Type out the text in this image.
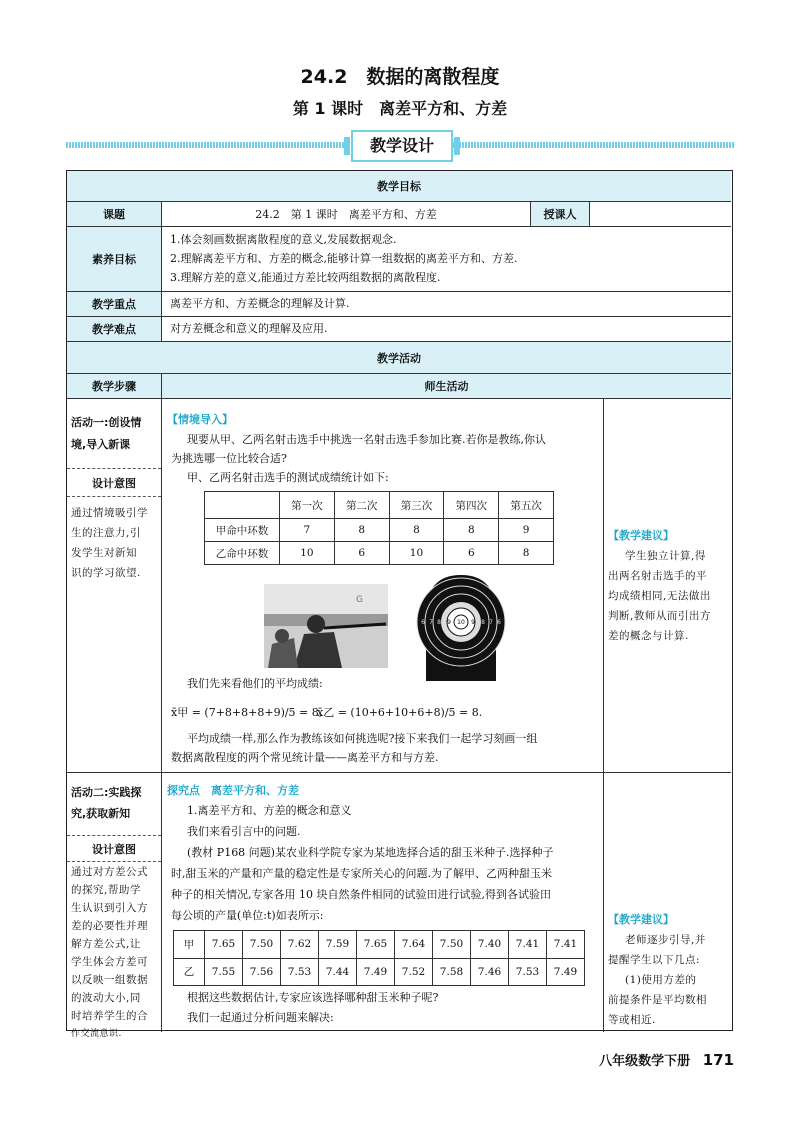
24.2　数据的离散程度
第 1 课时　离差平方和、方差
教学设计
教学目标
课题	24.2　第 1 课时　离差平方和、方差	授课人
素养目标
1.体会刻画数据离散程度的意义,发展数据观念.
2.理解离差平方和、方差的概念,能够计算一组数据的离差平方和、方差.
3.理解方差的意义,能通过方差比较两组数据的离散程度.
教学重点	离差平方和、方差概念的理解及计算.
教学难点	对方差概念和意义的理解及应用.
教学活动
教学步骤	师生活动
活动一:创设情
境,导入新课
设计意图
通过情境吸引学
生的注意力,引
发学生对新知
识的学习欲望.
【情境导入】
现要从甲、乙两名射击选手中挑选一名射击选手参加比赛.若你是教练,你认
为挑选哪一位比较合适?
甲、乙两名射击选手的测试成绩统计如下:
	第一次	第二次	第三次	第四次	第五次
甲命中环数	7	8	8	8	9
乙命中环数	10	6	10	6	8
G
6 7 8 9 10 9 8 7 6
我们先来看他们的平均成绩:
x̄甲 = (7+8+8+8+9)/5 = 8,
x̄乙 = (10+6+10+6+8)/5 = 8.
平均成绩一样,那么作为教练该如何挑选呢?接下来我们一起学习刻画一组
数据离散程度的两个常见统计量——离差平方和与方差.
【教学建议】
学生独立计算,得
出两名射击选手的平
均成绩相同,无法做出
判断,教师从而引出方
差的概念与计算.
活动二:实践探
究,获取新知
设计意图
通过对方差公式
的探究,帮助学
生认识到引入方
差的必要性并理
解方差公式,让
学生体会方差可
以反映一组数据
的波动大小,同
时培养学生的合
作交流意识.
探究点　离差平方和、方差
1.离差平方和、方差的概念和意义
我们来看引言中的问题.
(教材 P168 问题)某农业科学院专家为某地选择合适的甜玉米种子.选择种子
时,甜玉米的产量和产量的稳定性是专家所关心的问题.为了解甲、乙两种甜玉米
种子的相关情况,专家各用 10 块自然条件相同的试验田进行试验,得到各试验田
每公顷的产量(单位:t)如表所示:
甲	7.65	7.50	7.62	7.59	7.65	7.64	7.50	7.40	7.41	7.41
乙	7.55	7.56	7.53	7.44	7.49	7.52	7.58	7.46	7.53	7.49
根据这些数据估计,专家应该选择哪种甜玉米种子呢?
我们一起通过分析问题来解决:
【教学建议】
老师逐步引导,并
提醒学生以下几点:
(1)使用方差的
前提条件是平均数相
等或相近.
八年级数学下册 171
